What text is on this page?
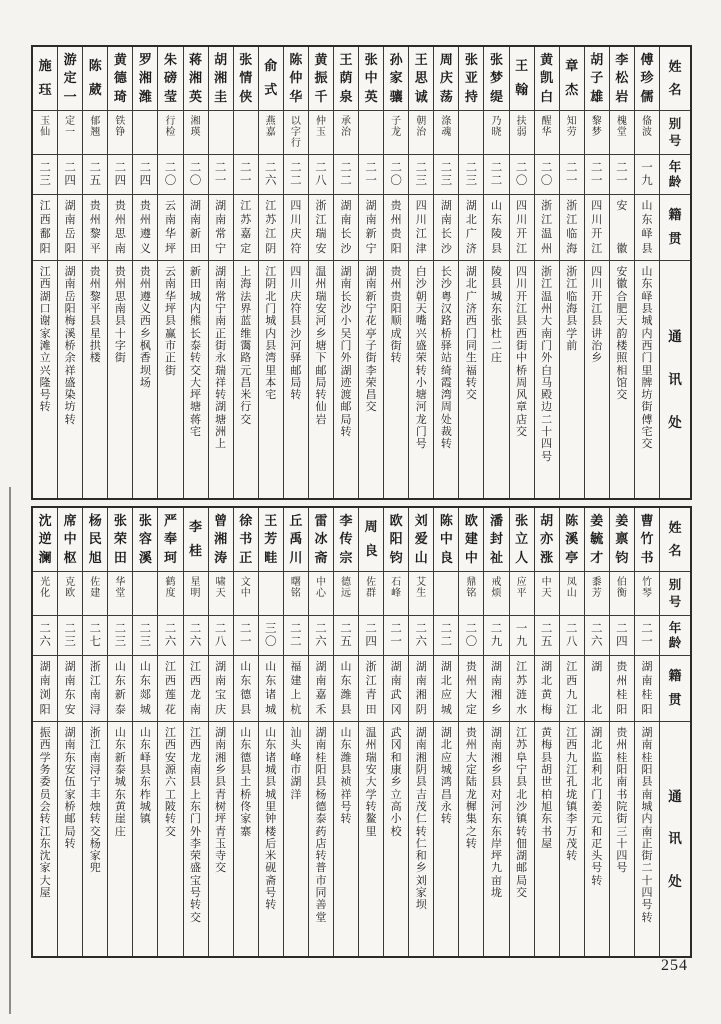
姓
名
别
号
年
龄
籍
贯
通
讯
处
傅
珍
儒
俻
波
一
九
山
东
峄
县
山
东
峄
县
城
内
西
门
里
牌
坊
街
傅
宅
交
李
松
岩
槐
堂
二
一
安
徽
安
徽
合
肥
天
韵
楼
照
相
馆
交
胡
子
雄
黎
梦
二
一
四
川
开
江
四
川
开
江
县
讲
治
乡
章
杰
知
劳
二
一
浙
江
临
海
浙
江
临
海
县
学
前
黄
凯
白
醒
华
二
〇
浙
江
温
州
浙
江
温
州
大
南
门
外
白
马
殿
边
二
十
四
号
王
翰
扶
弱
二
〇
四
川
开
江
四
川
开
江
县
西
街
中
桥
周
风
章
店
交
张
梦
缇
乃
晓
二
二
山
东
陵
县
陵
县
城
东
张
杜
二
庄
张
亚
持
二
三
湖
北
广
济
湖
北
广
济
西
门
同
生
福
转
交
周
庆
荡
涤
魂
二
三
湖
南
长
沙
长
沙
粤
汉
路
桥
驿
站
绮
霞
湾
周
处
裁
转
王
思
诚
朝
治
二
三
四
川
江
津
白
沙
朝
天
嘴
兴
盛
荣
转
小
塘
河
龙
门
号
孙
家
骧
子
龙
二
〇
贵
州
贵
阳
贵
州
贵
阳
顺
成
街
转
张
中
英
二
一
湖
南
新
宁
湖
南
新
宁
花
亭
子
街
李
荣
昌
交
王
荫
泉
承
治
二
二
湖
南
长
沙
湖
南
长
沙
小
吴
门
外
湖
迹
渡
邮
局
转
黄
振
千
仲
玉
二
八
浙
江
瑞
安
温
州
瑞
安
河
乡
塘
下
邮
局
转
仙
岩
陈
仲
华
以
字
行
二
二
四
川
庆
符
四
川
庆
符
县
沙
河
驿
邮
局
转
俞
式
燕
嘉
二
六
江
苏
江
阴
江
阴
北
门
城
内
县
湾
里
本
宅
张
情
侠
二
一
江
苏
嘉
定
上
海
法
界
蓝
维
霭
路
元
昌
米
行
交
胡
湘
圭
二
一
湖
南
常
宁
湖
南
常
宁
南
正
街
永
瑞
祥
转
湖
塘
洲
上
蒋
湘
英
湘
瑛
二
〇
湖
南
新
田
新
田
城
内
熊
长
泰
转
交
大
坪
塘
蒋
宅
朱
磅
莹
行
检
二
〇
云
南
华
坪
云
南
华
坪
县
赢
市
正
街
罗
湘
潍
二
四
贵
州
遵
义
贵
州
遵
义
西
乡
枫
香
坝
场
黄
德
琦
铁
铮
二
四
贵
州
思
南
贵
州
思
南
县
十
字
街
陈
葳
郁
翘
二
五
贵
州
黎
平
贵
州
黎
平
县
星
拱
楼
游
定
一
定
一
二
四
湖
南
岳
阳
湖
南
岳
阳
梅
溪
桥
余
祥
盛
染
坊
转
施
珏
玉
仙
二
三
江
西
鄱
阳
江
西
湖
口
谢
家
滩
立
兴
隆
号
转
姓
名
别
号
年
龄
籍
贯
通
讯
处
曹
竹
书
竹
琴
二
一
湖
南
桂
阳
湖
南
桂
阳
县
南
城
内
南
正
街
二
十
四
号
转
姜
禀
钧
伯
衡
二
四
贵
州
桂
阳
贵
州
桂
阳
南
书
院
街
三
十
四
号
姜
毓
才
黍
芳
二
六
湖
北
湖
北
监
利
北
门
姜
元
和
疋
头
号
转
陈
溪
亭
凤
山
二
八
江
西
九
江
江
西
九
江
孔
垅
镇
李
万
茂
转
胡
亦
涨
中
天
二
五
湖
北
黄
梅
黄
梅
县
胡
世
柏
旭
东
书
屋
张
立
人
应
平
一
九
江
苏
涟
水
江
苏
阜
宁
县
北
沙
镇
转
佃
湖
邮
局
交
潘
封
祉
戒
烦
二
九
湖
南
湘
乡
湖
南
湘
乡
县
对
河
东
东
岸
坪
九
亩
垅
欧
建
中
鼎
铭
二
〇
贵
州
大
定
贵
州
大
定
陆
龙
樨
集
之
转
陈
中
良
二
二
湖
北
应
城
湖
北
应
城
鸿
昌
永
转
刘
爱
山
艾
生
二
六
湖
南
湘
阴
湖
南
湘
阴
县
吉
茂
仁
转
仁
和
乡
刘
家
坝
欧
阳
钧
石
峰
二
一
湖
南
武
冈
武
冈
和
康
乡
立
高
小
校
周
良
佐
群
二
四
浙
江
青
田
温
州
瑞
安
大
学
转
鳌
里
李
传
宗
德
远
二
五
山
东
潍
县
山
东
潍
县
祯
祥
号
转
雷
冰
斋
中
心
二
六
湖
南
嘉
禾
湖
南
桂
阳
县
杨
德
泰
药
店
转
普
市
同
善
堂
丘
禹
川
曙
铭
二
二
福
建
上
杭
汕
头
峰
市
湖
洋
王
芳
畦
三
〇
山
东
诸
城
山
东
诸
城
县
城
里
钟
楼
后
米
砚
斋
号
转
徐
书
正
文
中
二
一
山
东
德
县
山
东
德
县
土
桥
佟
家
寨
曾
湘
涛
啸
天
二
八
湖
南
宝
庆
湖
南
湘
乡
县
青
树
坪
青
玉
寺
交
李
桂
星
明
二
六
江
西
龙
南
江
西
龙
南
县
上
东
门
外
李
荣
盛
宝
号
转
交
严
奉
珂
鹤
度
二
六
江
西
莲
花
江
西
安
源
六
工
陂
转
交
张
容
溪
二
三
山
东
郯
城
山
东
峄
县
东
柞
城
镇
张
荣
田
华
堂
二
三
山
东
新
泰
山
东
新
泰
城
东
黄
崖
庄
杨
民
旭
佐
建
二
七
浙
江
南
浔
浙
江
南
浔
宁
丰
烛
转
交
杨
家
兜
席
中
枢
克
欧
二
三
湖
南
东
安
湖
南
东
安
伍
家
桥
邮
局
转
沈
逆
澜
光
化
二
六
湖
南
浏
阳
振
西
学
务
委
员
会
转
江
东
沈
家
大
屋
254
